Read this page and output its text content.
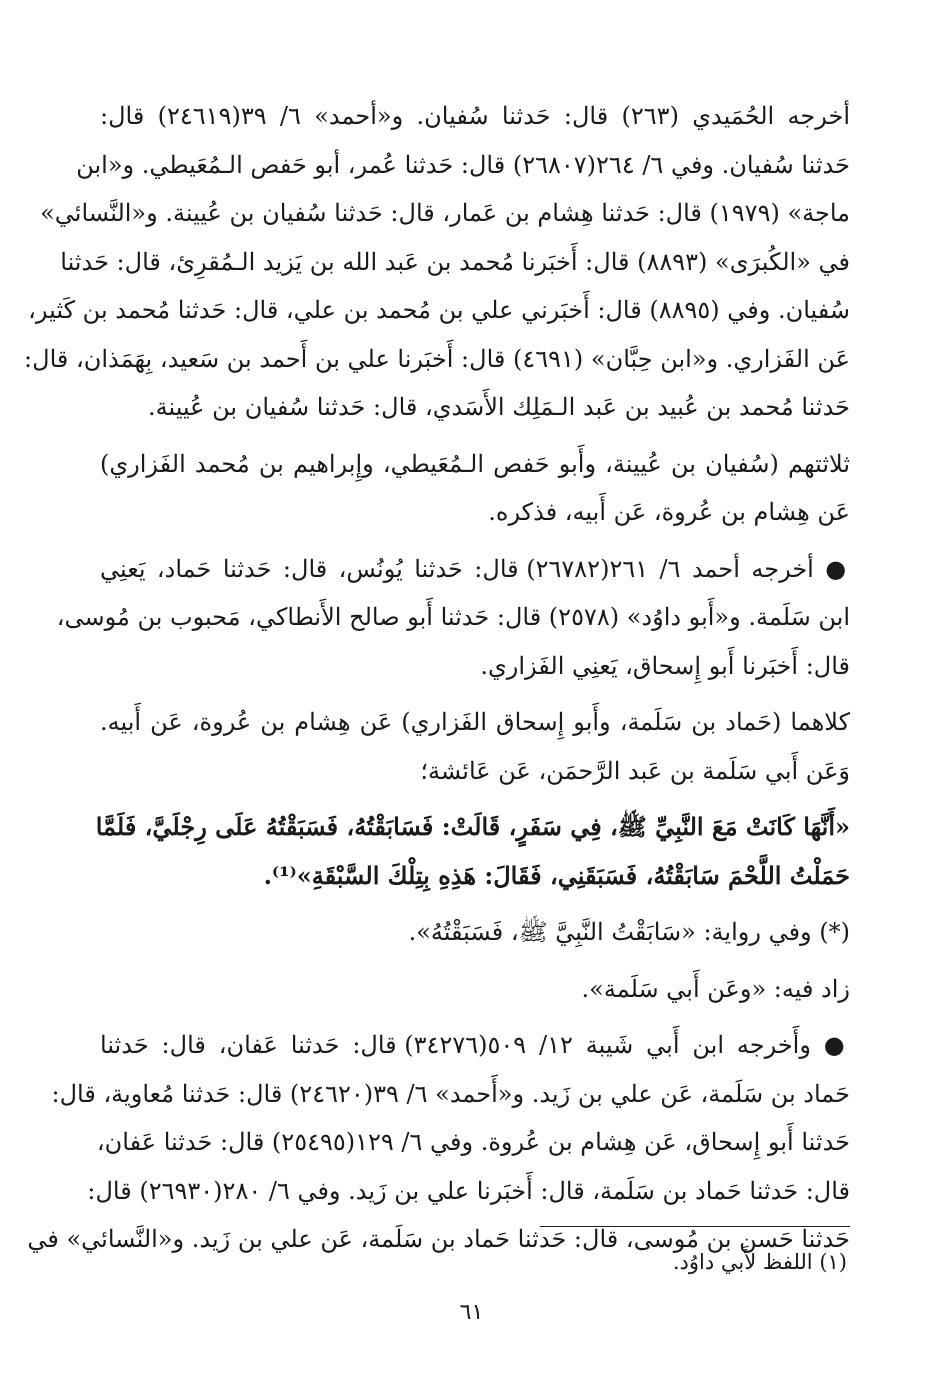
أخرجه الحُمَيدي (٢٦٣) قال: حَدثنا سُفيان. و«أحمد» ٦/ ٣٩(٢٤٦١٩) قال:
حَدثنا سُفيان. وفي ٦/ ٢٦٤(٢٦٨٠٧) قال: حَدثنا عُمر، أبو حَفص الـمُعَيطي. و«ابن
ماجة» (١٩٧٩) قال: حَدثنا هِشام بن عَمار، قال: حَدثنا سُفيان بن عُيينة. و«النَّسائي»
في «الكُبرَى» (٨٨٩٣) قال: أَخبَرنا مُحمد بن عَبد الله بن يَزيد الـمُقرِئ، قال: حَدثنا
سُفيان. وفي (٨٨٩٥) قال: أَخبَرني علي بن مُحمد بن علي، قال: حَدثنا مُحمد بن كَثير،
عَن الفَزاري. و«ابن حِبَّان» (٤٦٩١) قال: أَخبَرنا علي بن أَحمد بن سَعيد، بِهَمَذان، قال:
حَدثنا مُحمد بن عُبيد بن عَبد الـمَلِك الأَسَدي، قال: حَدثنا سُفيان بن عُيينة.
ثلاثتهم (سُفيان بن عُيينة، وأَبو حَفص الـمُعَيطي، وإِبراهيم بن مُحمد الفَزاري)
عَن هِشام بن عُروة، عَن أَبيه، فذكره.
● أخرجه أحمد ٦/ ٢٦١(٢٦٧٨٢) قال: حَدثنا يُونُس، قال: حَدثنا حَماد، يَعنِي
ابن سَلَمة. و«أَبو داوُد» (٢٥٧٨) قال: حَدثنا أَبو صالح الأَنطاكي، مَحبوب بن مُوسى،
قال: أَخبَرنا أَبو إِسحاق، يَعنِي الفَزاري.
كلاهما (حَماد بن سَلَمة، وأَبو إِسحاق الفَزاري) عَن هِشام بن عُروة، عَن أَبيه.
وَعَن أَبي سَلَمة بن عَبد الرَّحمَن، عَن عَائشة؛
«أَنَّهَا كَانَتْ مَعَ النَّبِيِّ ﷺ، فِي سَفَرٍ، قَالَتْ: فَسَابَقْتُهُ، فَسَبَقْتُهُ عَلَى رِجْلَيَّ، فَلَمَّا
حَمَلْتُ اللَّحْمَ سَابَقْتُهُ، فَسَبَقَنِي، فَقَالَ: هَذِهِ بِتِلْكَ السَّبْقَةِ»⁽¹⁾.
(*) وفي رواية: «سَابَقْتُ النَّبِيَّ ﷺ، فَسَبَقْتُهُ».
زاد فيه: «وعَن أَبي سَلَمة».
● وأَخرجه ابن أَبي شَيبة ١٢/ ٥٠٩(٣٤٢٧٦) قال: حَدثنا عَفان، قال: حَدثنا
حَماد بن سَلَمة، عَن علي بن زَيد. و«أَحمد» ٦/ ٣٩(٢٤٦٢٠) قال: حَدثنا مُعاوية، قال:
حَدثنا أَبو إِسحاق، عَن هِشام بن عُروة. وفي ٦/ ١٢٩(٢٥٤٩٥) قال: حَدثنا عَفان،
قال: حَدثنا حَماد بن سَلَمة، قال: أَخبَرنا علي بن زَيد. وفي ٦/ ٢٨٠(٢٦٩٣٠) قال:
حَدثنا حَسن بن مُوسى، قال: حَدثنا حَماد بن سَلَمة، عَن علي بن زَيد. و«النَّسائي» في
(١) اللفظ لأَبي داوُد.
٦١
